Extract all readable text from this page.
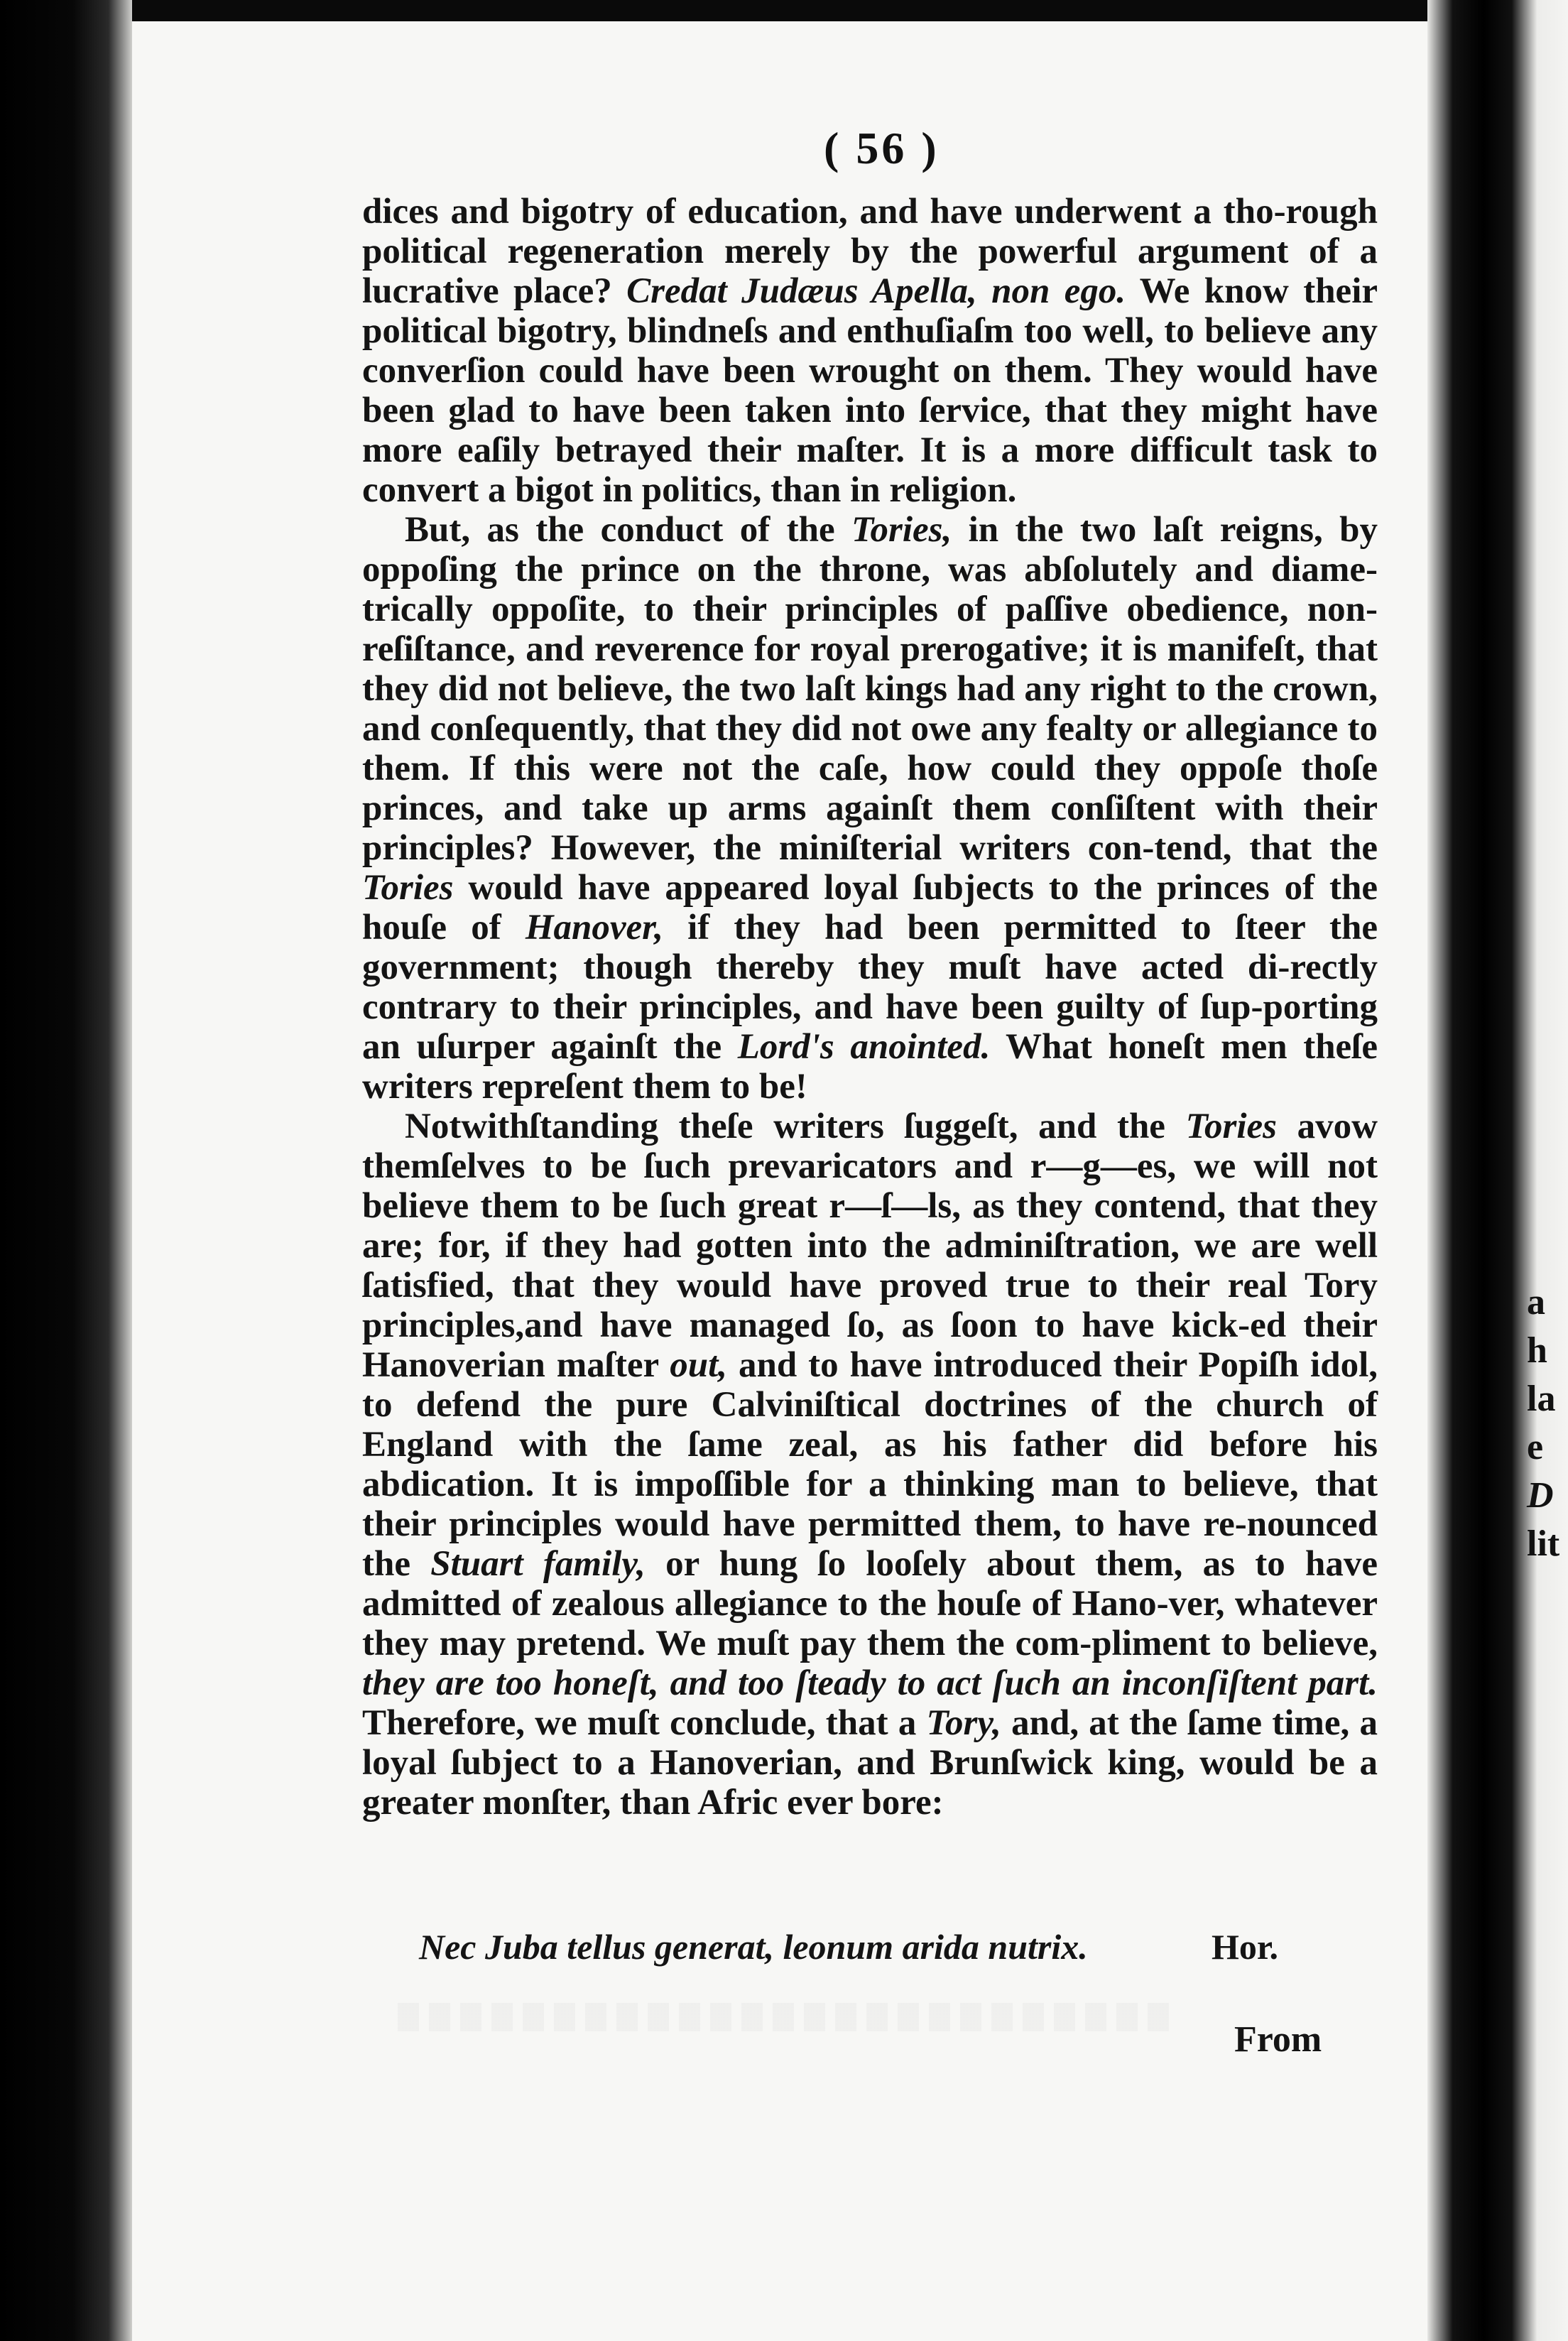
a
h
la
e
D
lit
( 56 )

dices and bigotry of education, and have underwent a tho-rough political regeneration merely by the powerful argument of a lucrative place? Credat Judæus Apella, non ego. We know their political bigotry, blindneſs and enthuſiaſm too well, to believe any converſion could have been wrought on them. They would have been glad to have been taken into ſervice, that they might have more eaſily betrayed their maſter. It is a more difficult task to convert a bigot in politics, than in religion.

But, as the conduct of the Tories, in the two laſt reigns, by oppoſing the prince on the throne, was abſolutely and diame-trically oppoſite, to their principles of paſſive obedience, non-reſiſtance, and reverence for royal prerogative; it is manifeſt, that they did not believe, the two laſt kings had any right to the crown, and conſequently, that they did not owe any fealty or allegiance to them. If this were not the caſe, how could they oppoſe thoſe princes, and take up arms againſt them conſiſtent with their principles? However, the miniſterial writers con-tend, that the Tories would have appeared loyal ſubjects to the princes of the houſe of Hanover, if they had been permitted to ſteer the government; though thereby they muſt have acted di-rectly contrary to their principles, and have been guilty of ſup-porting an uſurper againſt the Lord's anointed. What honeſt men theſe writers repreſent them to be!

Notwithſtanding theſe writers ſuggeſt, and the Tories avow themſelves to be ſuch prevaricators and r—g—es, we will not believe them to be ſuch great r—ſ—ls, as they contend, that they are; for, if they had gotten into the adminiſtration, we are well ſatisfied, that they would have proved true to their real Tory principles,and have managed ſo, as ſoon to have kick-ed their Hanoverian maſter out, and to have introduced their Popiſh idol, to defend the pure Calviniſtical doctrines of the church of England with the ſame zeal, as his father did before his abdication. It is impoſſible for a thinking man to believe, that their principles would have permitted them, to have re-nounced the Stuart family, or hung ſo looſely about them, as to have admitted of zealous allegiance to the houſe of Hano-ver, whatever they may pretend. We muſt pay them the com-pliment to believe, they are too honeſt, and too ſteady to act ſuch an inconſiſtent part. Therefore, we muſt conclude, that a Tory, and, at the ſame time, a loyal ſubject to a Hanoverian, and Brunſwick king, would be a greater monſter, than Afric ever bore:

Nec Juba tellus generat, leonum arida nutrix.	Hor.
From
